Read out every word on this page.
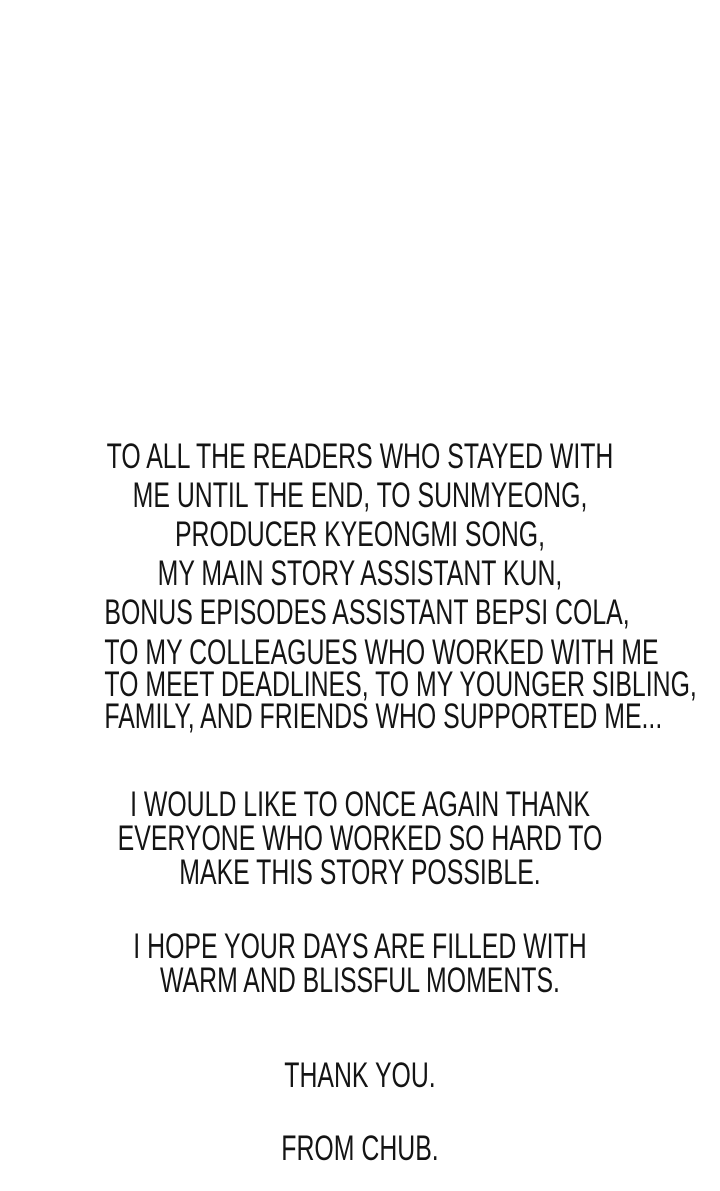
TO ALL THE READERS WHO STAYED WITH
ME UNTIL THE END, TO SUNMYEONG,
PRODUCER KYEONGMI SONG,
MY MAIN STORY ASSISTANT KUN,
BONUS EPISODES ASSISTANT BEPSI COLA,
TO MY COLLEAGUES WHO WORKED WITH ME
TO MEET DEADLINES, TO MY YOUNGER SIBLING,
FAMILY, AND FRIENDS WHO SUPPORTED ME...
I WOULD LIKE TO ONCE AGAIN THANK
EVERYONE WHO WORKED SO HARD TO
MAKE THIS STORY POSSIBLE.
I HOPE YOUR DAYS ARE FILLED WITH
WARM AND BLISSFUL MOMENTS.
THANK YOU.
FROM CHUB.
